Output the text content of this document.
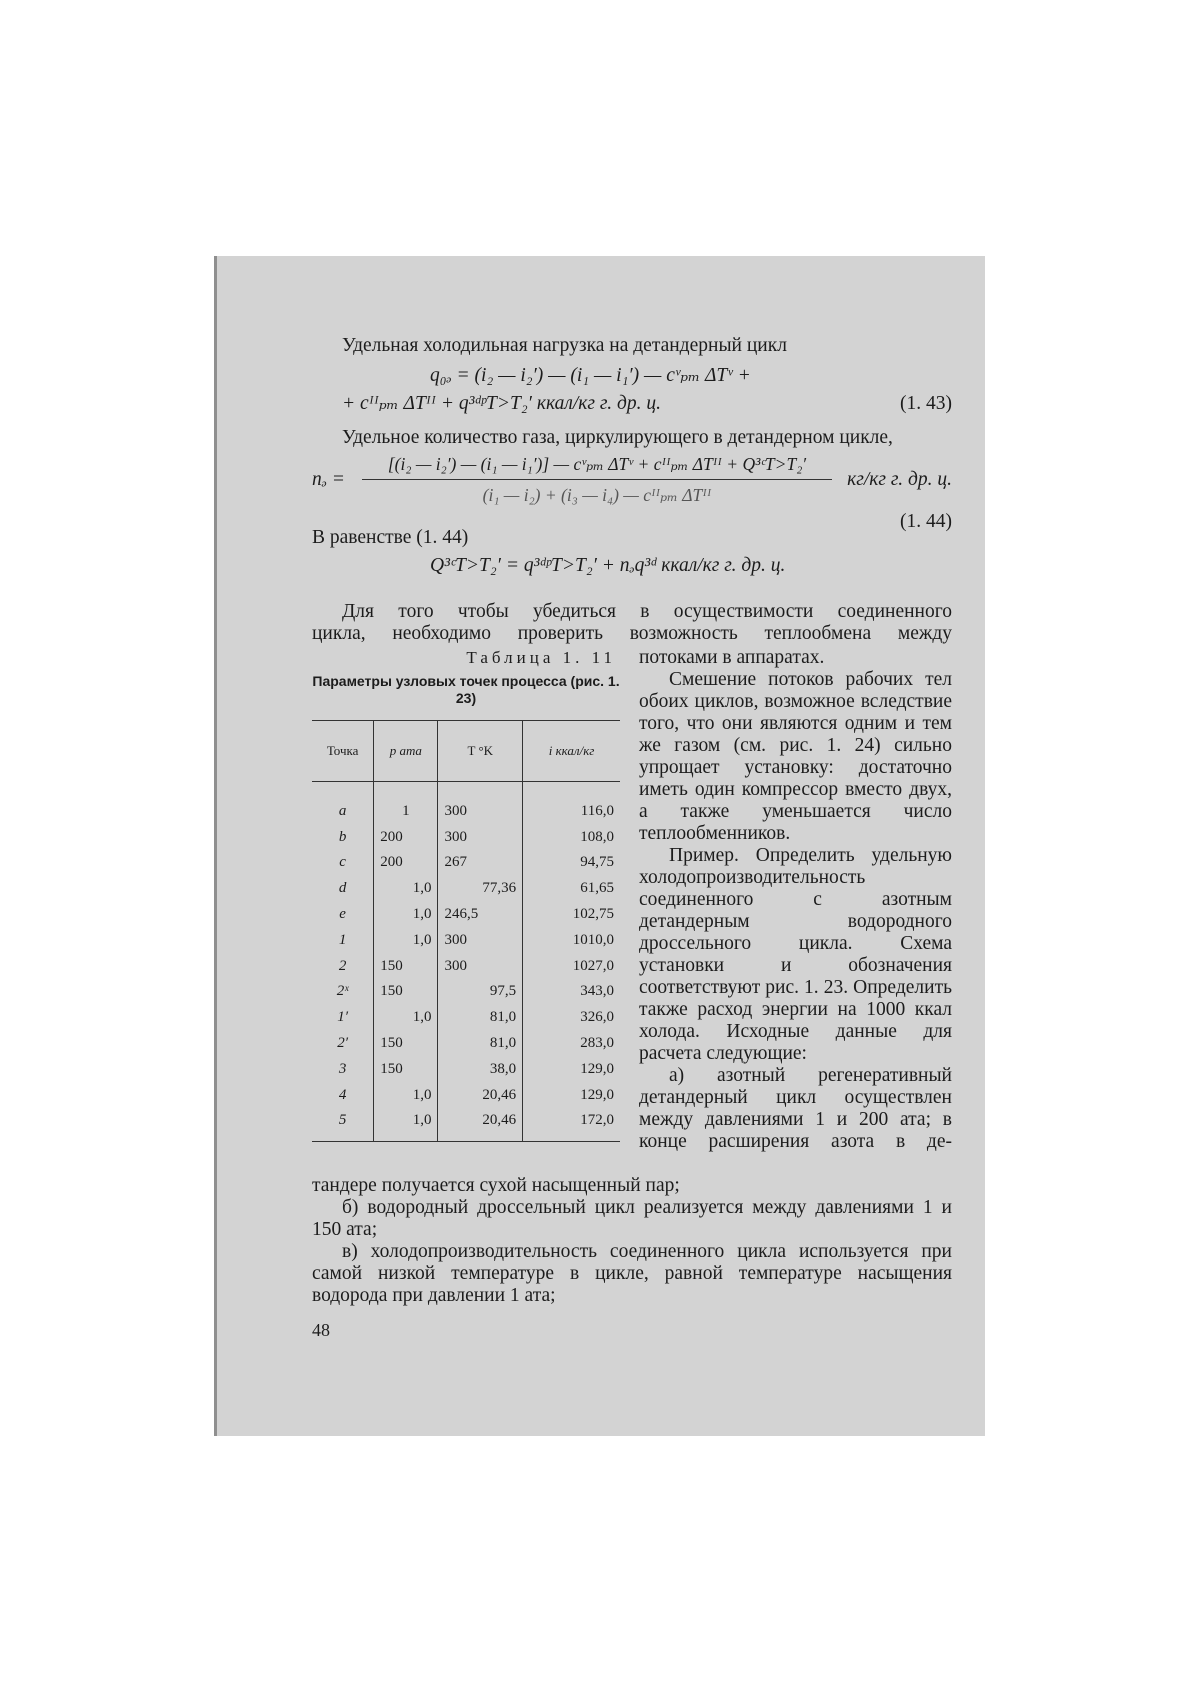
Удельная холодильная нагрузка на детандерный цикл

q₀ₔ = (i₂ — i₂′) — (i₁ — i₁′) — cᵛₚₘ ΔTᵛ +
+ cᴵᴵₚₘ ΔTᴵᴵ + q³ᵈᵖT>T₂′ ккал/кг г. др. ц.	(1. 43)

Удельное количество газа, циркулирующего в детандерном цикле,

nₔ =
[(i₂ — i₂′) — (i₁ — i₁′)] — cᵛₚₘ ΔTᵛ + cᴵᴵₚₘ ΔTᴵᴵ + Q³ᶜT>T₂′
(i₁ — i₂) + (i₃ — i₄) — cᴵᴵₚₘ ΔTᴵᴵ
кг/кг г. др. ц.

(1. 44)

В равенстве (1. 44)

Q³ᶜT>T₂′ = q³ᵈᵖT>T₂′ + nₔq³ᵈ ккал/кг г. др. ц.

Для того чтобы убедиться в осуществимости соединенного

цикла, необходимо проверить возможность теплообмена между

Таблица 1. 11
Параметры узловых точек процесса (рис. 1. 23)
Точка	p ama	T °K	i ккал/кг
a	1	300	116,0
b	200	300	108,0
c	200	267	94,75
d	1,0	77,36	61,65
e	1,0	246,5	102,75
1	1,0	300	1010,0
2	150	300	1027,0
2ˣ	150	97,5	343,0
1′	1,0	81,0	326,0
2′	150	81,0	283,0
3	150	38,0	129,0
4	1,0	20,46	129,0
5	1,0	20,46	172,0

потоками в аппаратах.

Смешение потоков рабочих тел обоих циклов, возможное вследствие того, что они являются одним и тем же газом (см. рис. 1. 24) сильно упрощает установку: достаточно иметь один компрессор вместо двух, а также уменьшается число теплообменников.

Пример. Определить удельную холодопроизводительность соединенного с азотным детандерным водородного дроссельного цикла. Схема установки и обозначения соответствуют рис. 1. 23. Определить также расход энергии на 1000 ккал холода. Исходные данные для расчета следующие:

а) азотный регенеративный детандерный цикл осуществлен между давлениями 1 и 200 ата; в конце расширения азота в де-

тандере получается сухой насыщенный пар;

б) водородный дроссельный цикл реализуется между давлениями 1 и 150 ата;

в) холодопроизводительность соединенного цикла используется при самой низкой температуре в цикле, равной температуре насыщения водорода при давлении 1 ата;

48
